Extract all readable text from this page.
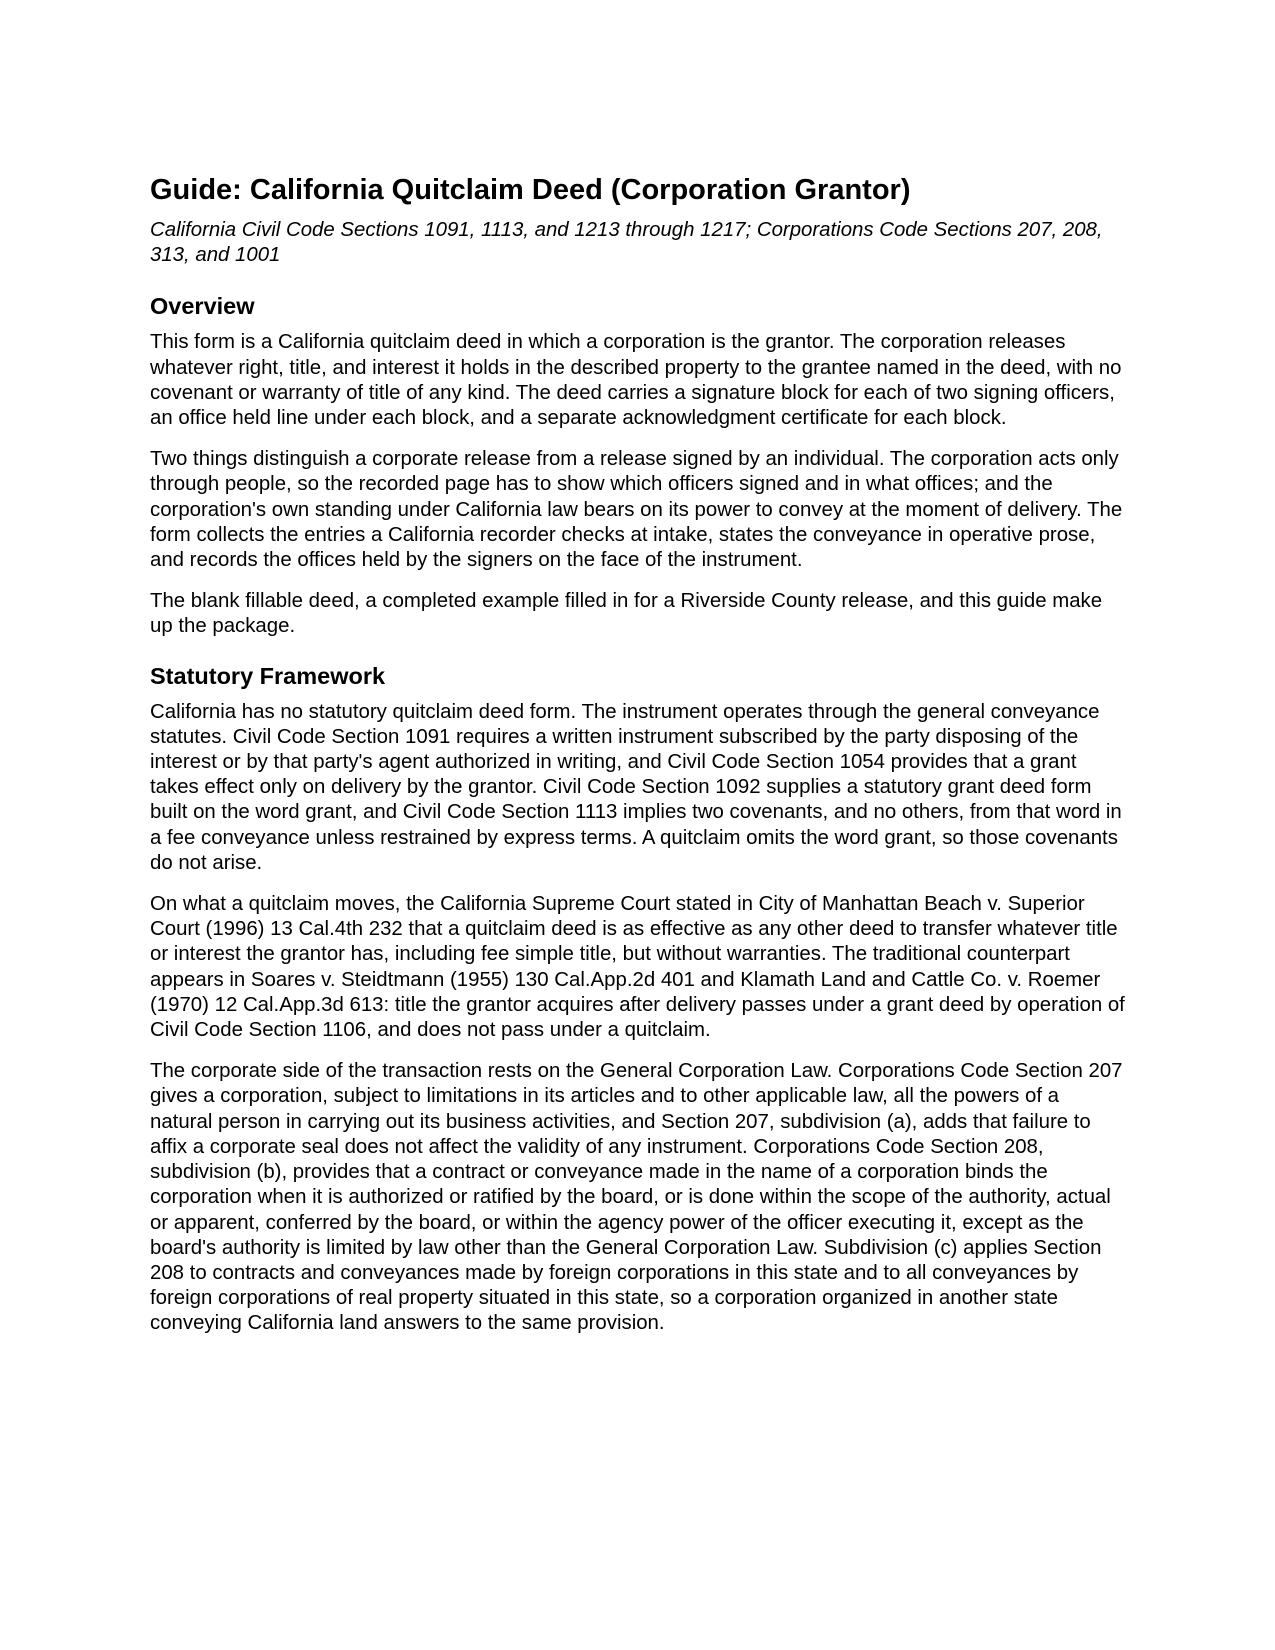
Guide: California Quitclaim Deed (Corporation Grantor)
California Civil Code Sections 1091, 1113, and 1213 through 1217; Corporations Code Sections 207, 208, 313, and 1001
Overview

This form is a California quitclaim deed in which a corporation is the grantor. The corporation releases whatever right, title, and interest it holds in the described property to the grantee named in the deed, with no covenant or warranty of title of any kind. The deed carries a signature block for each of two signing officers, an office held line under each block, and a separate acknowledgment certificate for each block.

Two things distinguish a corporate release from a release signed by an individual. The corporation acts only through people, so the recorded page has to show which officers signed and in what offices; and the corporation's own standing under California law bears on its power to convey at the moment of delivery. The form collects the entries a California recorder checks at intake, states the conveyance in operative prose, and records the offices held by the signers on the face of the instrument.

The blank fillable deed, a completed example filled in for a Riverside County release, and this guide make up the package.

Statutory Framework

California has no statutory quitclaim deed form. The instrument operates through the general conveyance statutes. Civil Code Section 1091 requires a written instrument subscribed by the party disposing of the interest or by that party's agent authorized in writing, and Civil Code Section 1054 provides that a grant takes effect only on delivery by the grantor. Civil Code Section 1092 supplies a statutory grant deed form built on the word grant, and Civil Code Section 1113 implies two covenants, and no others, from that word in a fee conveyance unless restrained by express terms. A quitclaim omits the word grant, so those covenants do not arise.

On what a quitclaim moves, the California Supreme Court stated in City of Manhattan Beach v. Superior Court (1996) 13 Cal.4th 232 that a quitclaim deed is as effective as any other deed to transfer whatever title or interest the grantor has, including fee simple title, but without warranties. The traditional counterpart appears in Soares v. Steidtmann (1955) 130 Cal.App.2d 401 and Klamath Land and Cattle Co. v. Roemer (1970) 12 Cal.App.3d 613: title the grantor acquires after delivery passes under a grant deed by operation of Civil Code Section 1106, and does not pass under a quitclaim.

The corporate side of the transaction rests on the General Corporation Law. Corporations Code Section 207 gives a corporation, subject to limitations in its articles and to other applicable law, all the powers of a natural person in carrying out its business activities, and Section 207, subdivision (a), adds that failure to affix a corporate seal does not affect the validity of any instrument. Corporations Code Section 208, subdivision (b), provides that a contract or conveyance made in the name of a corporation binds the corporation when it is authorized or ratified by the board, or is done within the scope of the authority, actual or apparent, conferred by the board, or within the agency power of the officer executing it, except as the board's authority is limited by law other than the General Corporation Law. Subdivision (c) applies Section 208 to contracts and conveyances made by foreign corporations in this state and to all conveyances by foreign corporations of real property situated in this state, so a corporation organized in another state conveying California land answers to the same provision.
